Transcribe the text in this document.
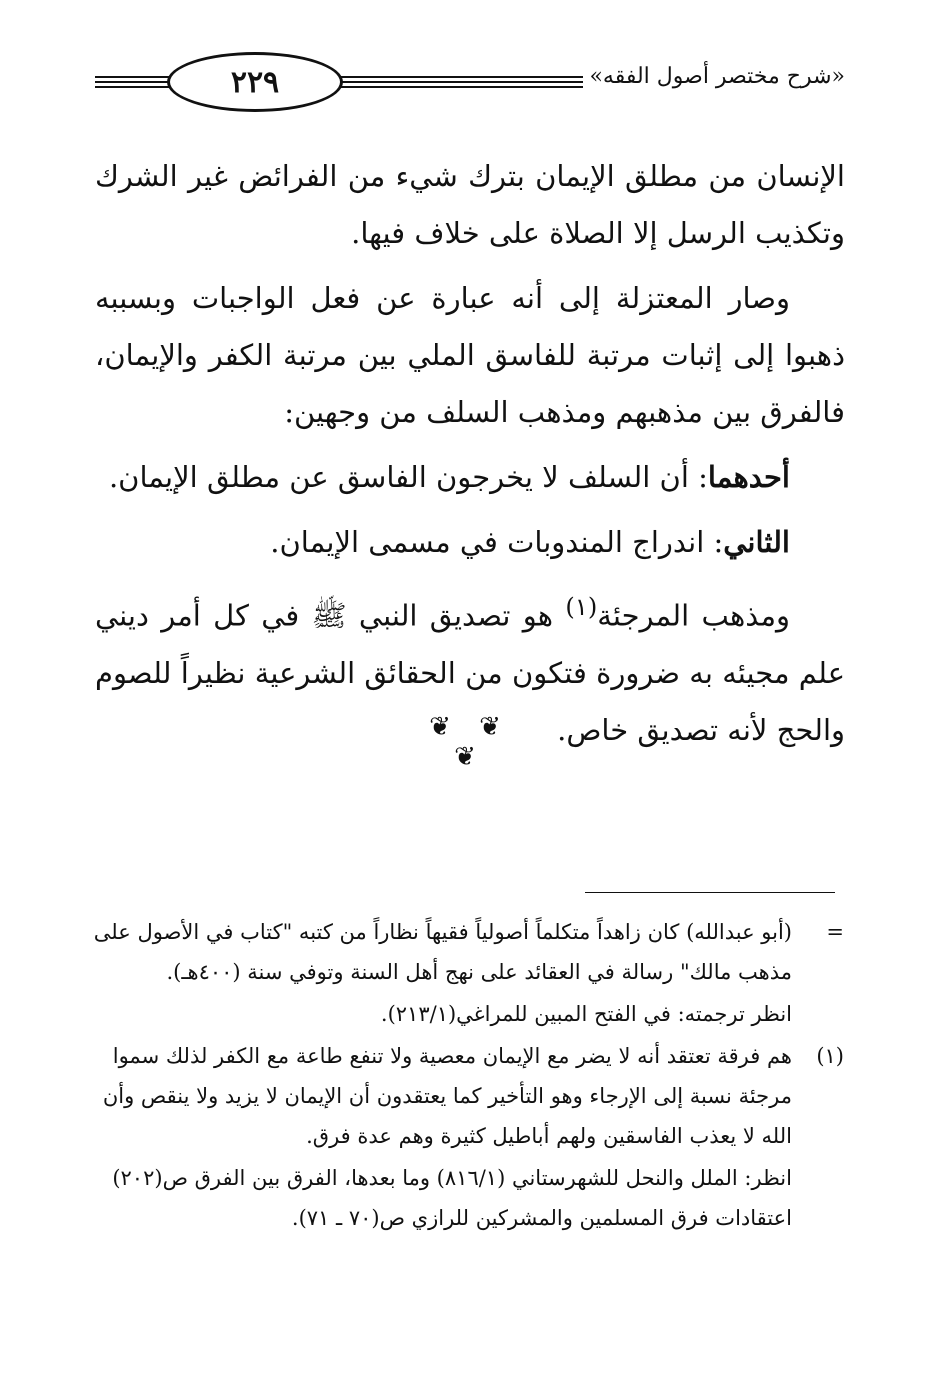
٢٢٩	«شرح مختصر أصول الفقه»

الإنسان من مطلق الإيمان بترك شيء من الفرائض غير الشرك وتكذيب الرسل إلا الصلاة على خلاف فيها.

وصار المعتزلة إلى أنه عبارة عن فعل الواجبات وبسببه ذهبوا إلى إثبات مرتبة للفاسق الملي بين مرتبة الكفر والإيمان، فالفرق بين مذهبهم ومذهب السلف من وجهين:

أحدهما: أن السلف لا يخرجون الفاسق عن مطلق الإيمان.

الثاني: اندراج المندوبات في مسمى الإيمان.

ومذهب المرجئة$^{(١)}$ هو تصديق النبي ﷺ في كل أمر ديني علم مجيئه به ضرورة فتكون من الحقائق الشرعية نظيراً للصوم والحج لأنه تصديق خاص.

❦ ❦ ❦
=
(أبو عبدالله) كان زاهداً متكلماً أصولياً فقيهاً نظاراً من كتبه "كتاب في الأصول على مذهب مالك" رسالة في العقائد على نهج أهل السنة وتوفي سنة (٤٠٠هـ).
انظر ترجمته: في الفتح المبين للمراغي(٢١٣/١).
(١)
هم فرقة تعتقد أنه لا يضر مع الإيمان معصية ولا تنفع طاعة مع الكفر لذلك سموا مرجئة نسبة إلى الإرجاء وهو التأخير كما يعتقدون أن الإيمان لا يزيد ولا ينقص وأن الله لا يعذب الفاسقين ولهم أباطيل كثيرة وهم عدة فرق.
انظر: الملل والنحل للشهرستاني (٨١٦/١) وما بعدها، الفرق بين الفرق ص(٢٠٢) اعتقادات فرق المسلمين والمشركين للرازي ص(٧٠ ـ ٧١).
